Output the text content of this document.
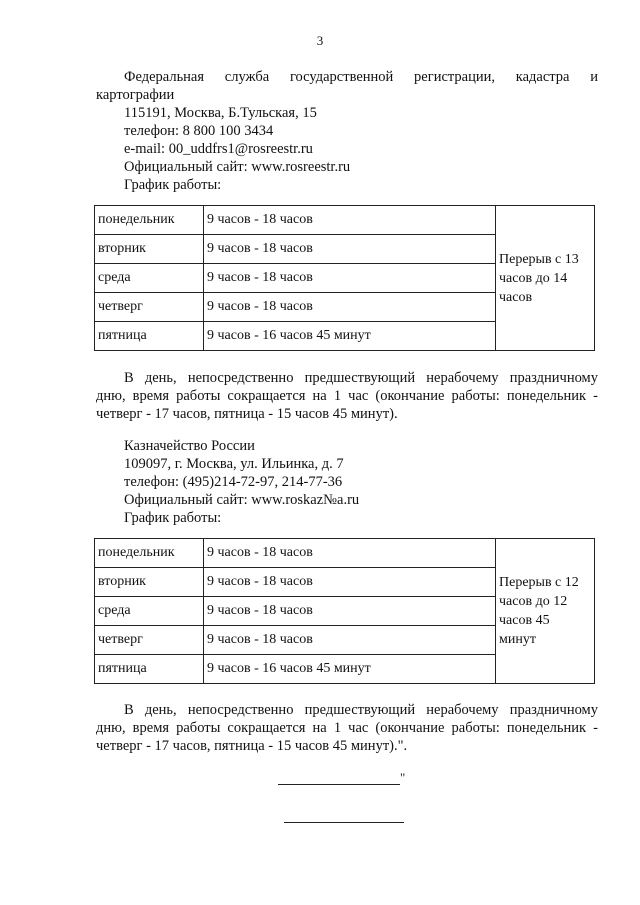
3
Федеральная служба государственной регистрации, кадастра и
картографии
115191, Москва, Б.Тульская, 15
телефон: 8 800 100 3434
e-mail: 00_uddfrs1@rosreestr.ru
Официальный сайт: www.rosreestr.ru
График работы:
понедельник	9 часов - 18 часов	Перерыв с 13
часов до 14
часов

вторник	9 часов - 18 часов	
среда	9 часов - 18 часов	
четверг	9 часов - 18 часов	
пятница	9 часов - 16 часов 45 минут	
В день, непосредственно предшествующий нерабочему праздничному
дню, время работы сокращается на 1 час (окончание работы: понедельник -
четверг - 17 часов, пятница - 15 часов 45 минут).
Казначейство России
109097, г. Москва, ул. Ильинка, д. 7
телефон: (495)214-72-97, 214-77-36
Официальный сайт: www.roskaz№a.ru
График работы:
понедельник	9 часов - 18 часов	Перерыв с 12
часов до 12
часов 45
минут

вторник	9 часов - 18 часов	
среда	9 часов - 18 часов	
четверг	9 часов - 18 часов	
пятница	9 часов - 16 часов 45 минут	
В день, непосредственно предшествующий нерабочему праздничному
дню, время работы сокращается на 1 час (окончание работы: понедельник -
четверг - 17 часов, пятница - 15 часов 45 минут).".
"
